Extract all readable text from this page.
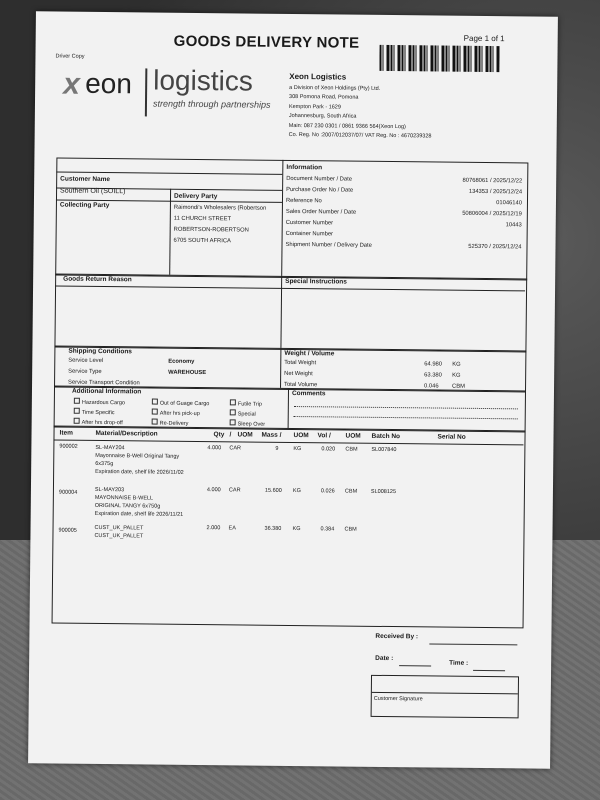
GOODS DELIVERY NOTE	Page 1 of 1
Driver Copy
x eon logistics
strength through partnerships
Xeon Logistics
a Division of Xeon Holdings (Pty) Ltd.
308 Pomona Road, Pomona
Kempton Park - 1629
Johannesburg, South Africa
Main: 087 230 0301 / 0861 9366 564(Xeon Log)
Co. Reg. No :2007/012037/07/ VAT Reg. No : 4670239328
Customer Name
Southern Oil (SOILL)
Collecting Party
Delivery Party
Raimondi's Wholesalers (Robertson
11 CHURCH STREET
ROBERTSON-ROBERTSON
6705 SOUTH AFRICA
Information
Document Number / Date	80768061 / 2025/12/22
Purchase Order No / Date	134353 / 2025/12/24
Reference No	01046140
Sales Order Number / Date	50806004 / 2025/12/19
Customer Number	10443
Container Number
Shipment Number / Delivery Date	525370 / 2025/12/24
Goods Return Reason	Special Instructions
Shipping Conditions
Service Level	Economy
Service Type	WAREHOUSE
Service
Transport Condition
Weight / Volume
Total Weight	64.980	KG
Net Weight	63.380	KG
Total Volume	0.046	CBM
Additional Information
Hazardous Cargo	Out of Guage Cargo	Futile Trip
Time Specific	After hrs pick-up	Special
After hrs drop-off	Re-Delivery	Sleep Over
Comments
Item	Material/Description	Qty / UOM Mass / UOM Vol / UOM Batch No	Serial No
900002	SL-MAY204
Mayonnaise B-Well Original Tangy
6x375g
Expiration date, shelf life 2026/11/02
4.000 CAR	9	KG	0.020 CBM SL007840
900004	SL-MAY203
MAYONNAISE B-WELL
ORIGINAL TANGY 6x750g
Expiration date, shelf life 2026/11/21
4.000 CAR	15.600 KG	0.026 CBM SL008125
900005	CUST_UK_PALLET
CUST_UK_PALLET
2.000 EA	36.380 KG	0.384 CBM
Received By :
Date :
Time :
Customer Signature
